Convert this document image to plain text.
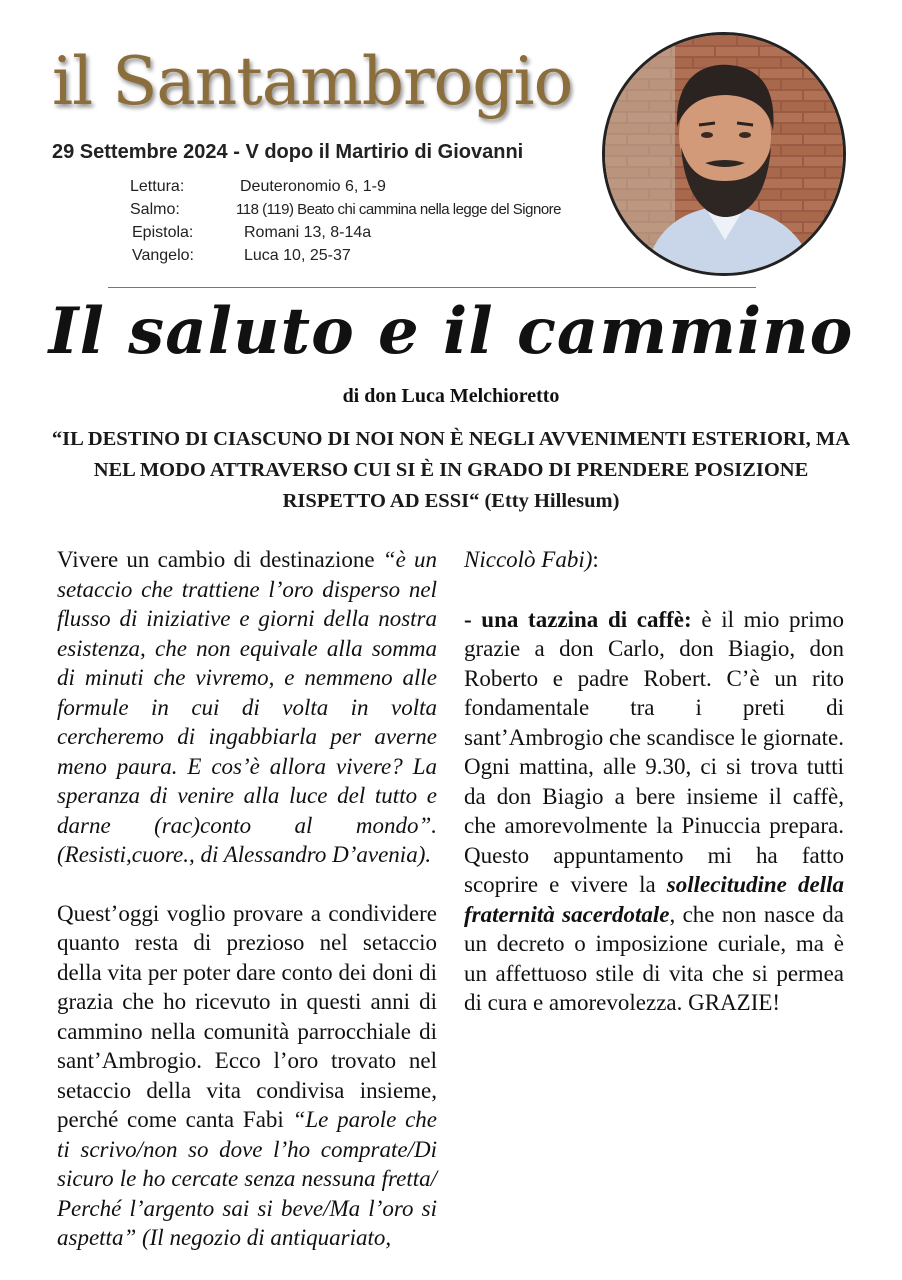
il Santambrogio
29 Settembre 2024 - V dopo il Martirio di Giovanni
Lettura:	Deuteronomio 6, 1-9
Salmo:	118 (119) Beato chi cammina nella legge del Signore
Epistola:	Romani 13, 8-14a
Vangelo:	Luca 10, 25-37
Il saluto e il cammino
di don Luca Melchioretto
“IL DESTINO DI CIASCUNO DI NOI NON È NEGLI AVVENIMENTI ESTERIORI, MA NEL MODO ATTRAVERSO CUI SI È IN GRADO DI PRENDERE POSIZIONE RISPETTO AD ESSI“ (Etty Hillesum)

Vivere un cambio di destinazione “è un setaccio che trattiene l’oro disperso nel flusso di iniziative e giorni della nostra esistenza, che non equivale alla somma di minuti che vivremo, e nemmeno alle formule in cui di volta in volta cercheremo di ingabbiarla per averne meno paura. E cos’è allora vivere? La speranza di venire alla luce del tutto e darne (rac)conto al mondo”. (Resisti,cuore., di Alessandro D’avenia).

Quest’oggi voglio provare a condividere quanto resta di prezioso nel setaccio della vita per poter dare conto dei doni di grazia che ho ricevuto in questi anni di cammino nella comunità parrocchiale di sant’Ambrogio. Ecco l’oro trovato nel setaccio della vita condivisa insieme, perché come canta Fabi “Le parole che ti scrivo/non so dove l’ho comprate/Di sicuro le ho cercate senza nessuna fretta/ Perché l’argento sai si beve/Ma l’oro si aspetta” (Il negozio di antiquariato,

Niccolò Fabi):

- una tazzina di caffè: è il mio primo grazie a don Carlo, don Biagio, don Roberto e padre Robert. C’è un rito fondamentale tra i preti di sant’Ambrogio che scandisce le giornate. Ogni mattina, alle 9.30, ci si trova tutti da don Biagio a bere insieme il caffè, che amorevolmente la Pinuccia prepara. Questo appuntamento mi ha fatto scoprire e vivere la sollecitudine della fraternità sacerdotale, che non nasce da un decreto o imposizione curiale, ma è un affettuoso stile di vita che si permea di cura e amorevolezza. GRAZIE!
